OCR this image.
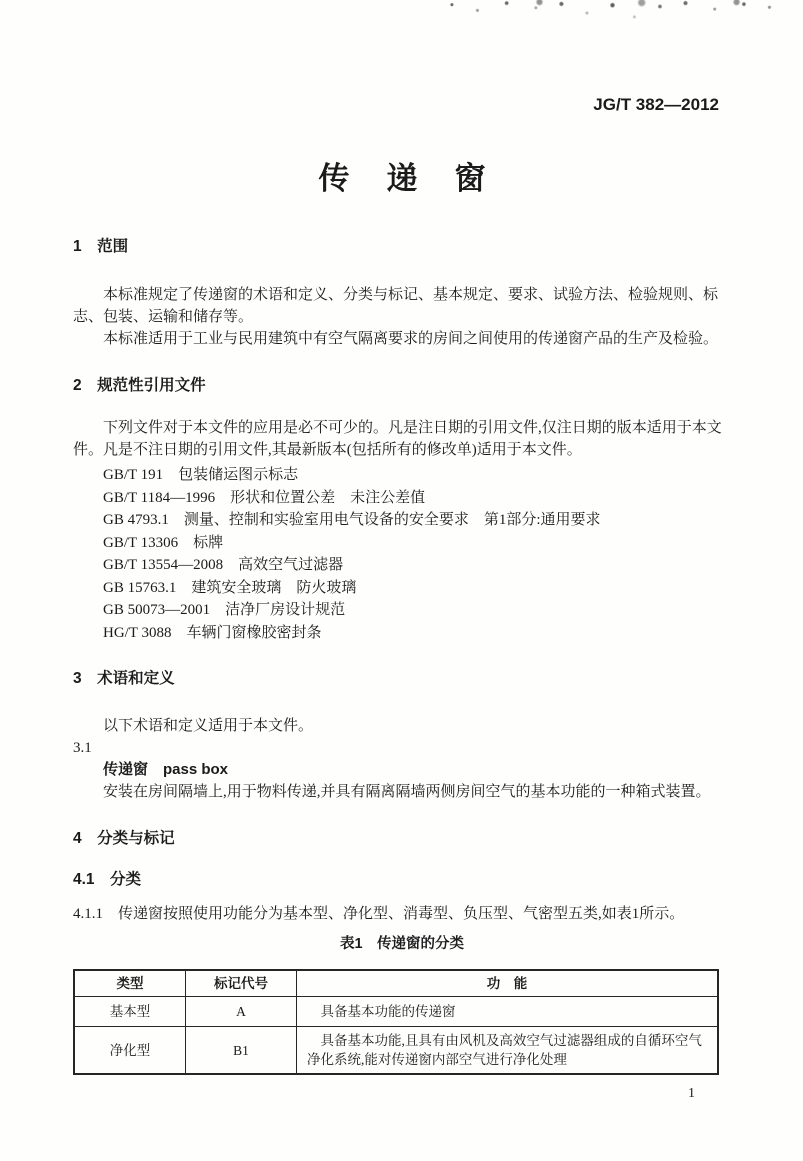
JG/T 382—2012
传递窗
1　范围

本标准规定了传递窗的术语和定义、分类与标记、基本规定、要求、试验方法、检验规则、标志、包装、运输和储存等。

本标准适用于工业与民用建筑中有空气隔离要求的房间之间使用的传递窗产品的生产及检验。

2　规范性引用文件

下列文件对于本文件的应用是必不可少的。凡是注日期的引用文件,仅注日期的版本适用于本文件。凡是不注日期的引用文件,其最新版本(包括所有的修改单)适用于本文件。

GB/T 191　包装储运图示标志
GB/T 1184—1996　形状和位置公差　未注公差值
GB 4793.1　测量、控制和实验室用电气设备的安全要求　第1部分:通用要求
GB/T 13306　标牌
GB/T 13554—2008　高效空气过滤器
GB 15763.1　建筑安全玻璃　防火玻璃
GB 50073—2001　洁净厂房设计规范
HG/T 3088　车辆门窗橡胶密封条
3　术语和定义

以下术语和定义适用于本文件。

3.1
传递窗　pass box

安装在房间隔墙上,用于物料传递,并具有隔离隔墙两侧房间空气的基本功能的一种箱式装置。

4　分类与标记
4.1　分类
4.1.1　传递窗按照使用功能分为基本型、净化型、消毒型、负压型、气密型五类,如表1所示。
表1　传递窗的分类
类型	标记代号	功　能
基本型	A	具备基本功能的传递窗
净化型	B1	具备基本功能,且具有由风机及高效空气过滤器组成的自循环空气净化系统,能对传递窗内部空气进行净化处理
1
